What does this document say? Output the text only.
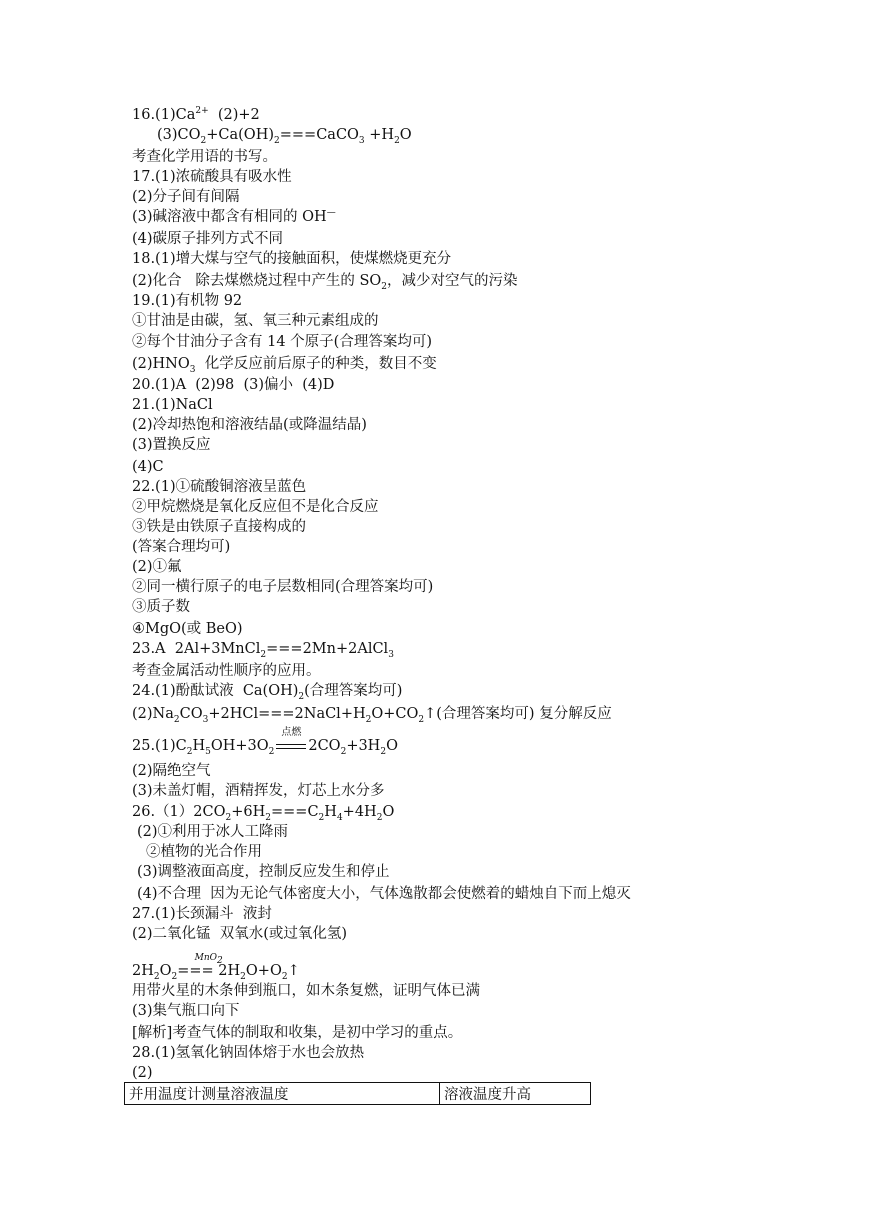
$16.(1)Ca^{2+}$  (2)+2
$(3)CO_2+Ca(OH)_2===CaCO_3 +H_2O$
考查化学用语的书写。
17.(1)浓硫酸具有吸水性
(2)分子间有间隔
(3)碱溶液中都含有相同的 OH—
(4)碳原子排列方式不同
18.(1)增大煤与空气的接触面积，使煤燃烧更充分
(2)化合   除去煤燃烧过程中产生的 $SO_2$，减少对空气的污染
19.(1)有机物 92
①甘油是由碳，氢、氧三种元素组成的
②每个甘油分子含有 14 个原子(合理答案均可)
$(2)HNO_3$  化学反应前后原子的种类，数目不变
20.(1)A  (2)98  (3)偏小  (4)D
21.(1)NaCl
(2)冷却热饱和溶液结晶(或降温结晶)
(3)置换反应
(4)C
22.(1)①硫酸铜溶液呈蓝色
②甲烷燃烧是氧化反应但不是化合反应
③铁是由铁原子直接构成的
(答案合理均可)
(2)①氟
②同一横行原子的电子层数相同(合理答案均可)
③质子数
④MgO(或 BeO)
23.A  2Al+3MnCl$_2$===2Mn+2AlCl$_3$
考查金属活动性顺序的应用。
24.(1)酚酞试液  $Ca(OH)_2$(合理答案均可)
$(2)Na_2CO_3+2HCl===2NaCl+H_2O+CO_2↑$(合理答案均可) 复分解反应
$25.(1)C_2H_5OH+3O_2$
点燃
$2CO_2+3H_2O$
(2)隔绝空气
(3)未盖灯帽，酒精挥发，灯芯上水分多
$26.(1)2CO_2+6H_2===C_2H_4+4H_2O$
(2)①利用于冰人工降雨
②植物的光合作用
(3)调整液面高度，控制反应发生和停止
(4)不合理  因为无论气体密度大小，气体逸散都会使燃着的蜡烛自下而上熄灭
27.(1)长颈漏斗  液封
(2)二氧化锰  双氧水(或过氧化氢)
$2H_2O_2$
MnO$_2$
=== $2H_2O+O_2↑$
用带火星的木条伸到瓶口，如木条复燃，证明气体已满
(3)集气瓶口向下
[解析]考查气体的制取和收集，是初中学习的重点。
28.(1)氢氧化钠固体熔于水也会放热
(2)
并用温度计测量溶液温度	溶液温度升高
